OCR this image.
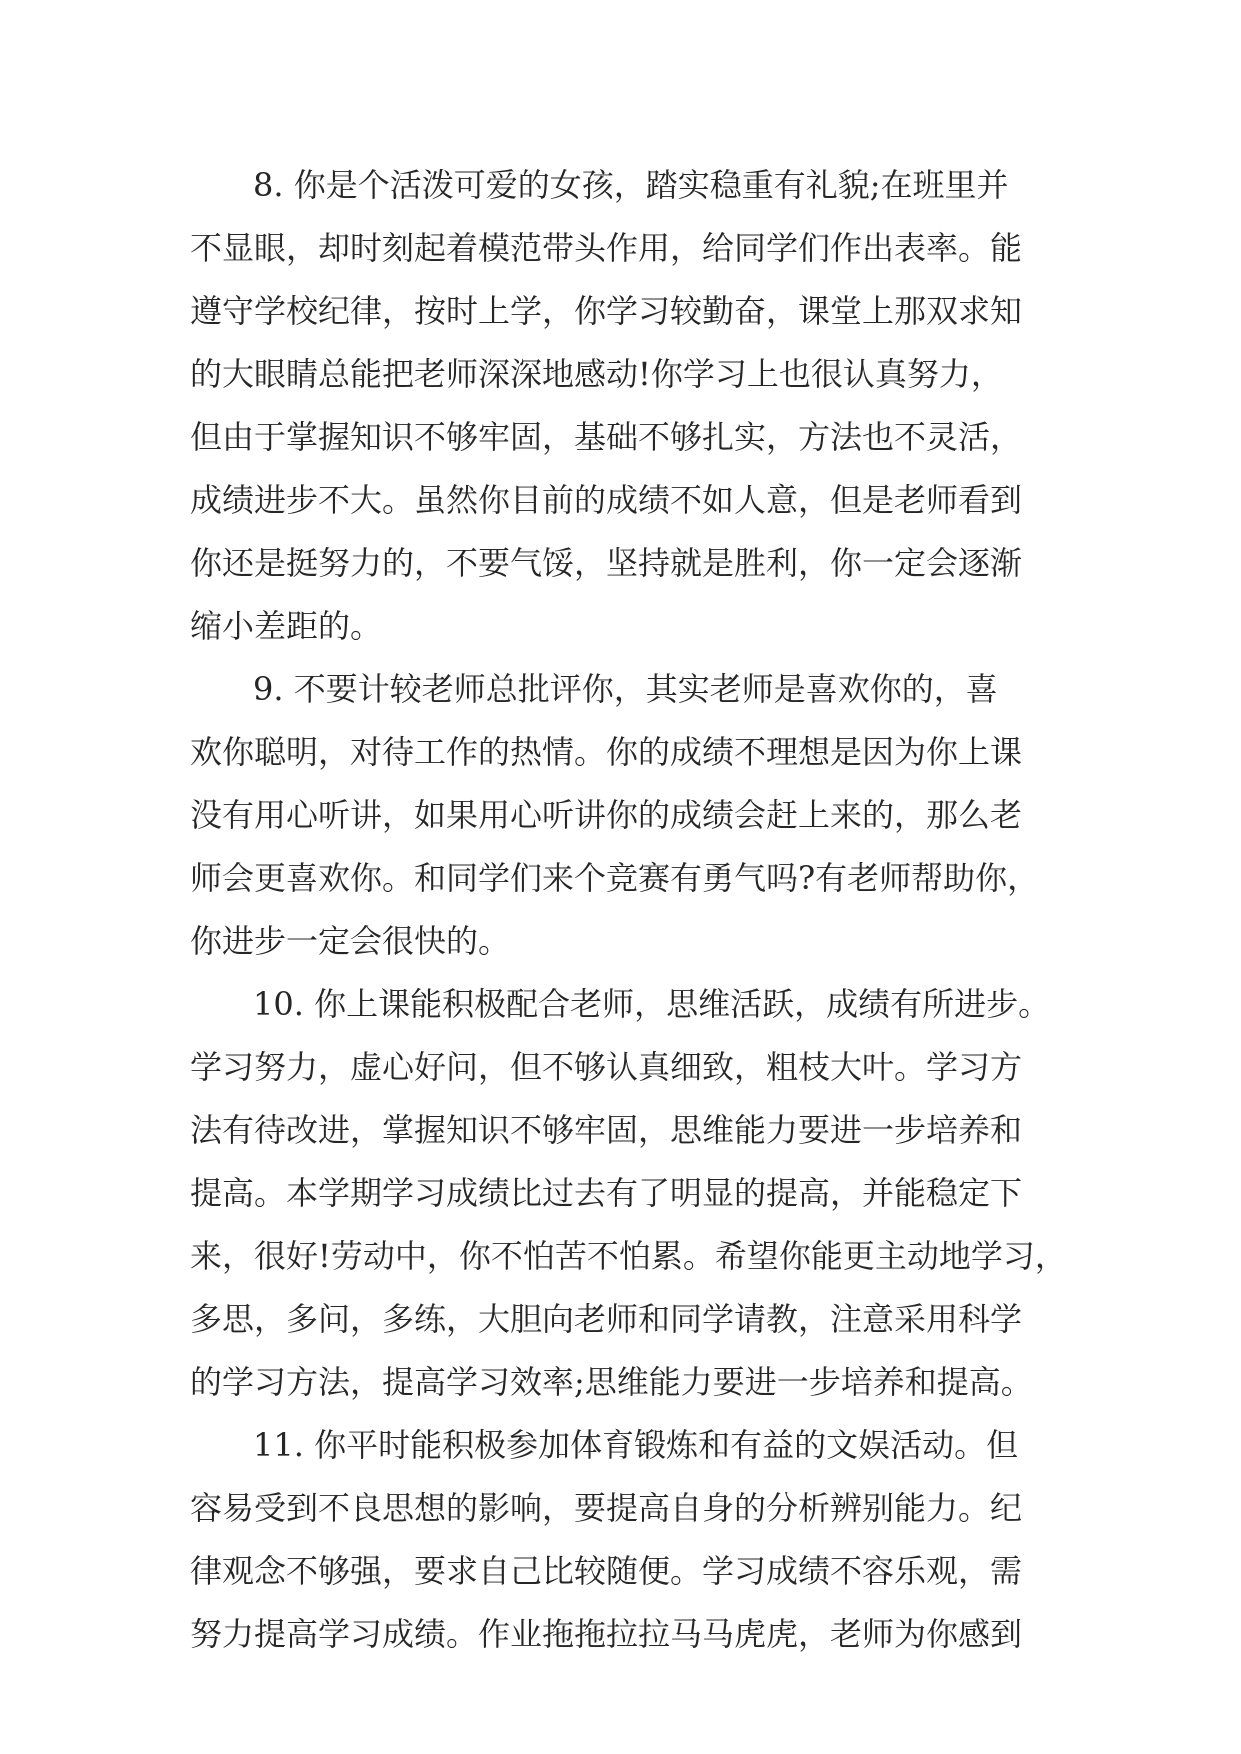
8. 你是个活泼可爱的女孩，踏实稳重有礼貌;在班里并
不显眼，却时刻起着模范带头作用，给同学们作出表率。能
遵守学校纪律，按时上学，你学习较勤奋，课堂上那双求知
的大眼睛总能把老师深深地感动!你学习上也很认真努力，
但由于掌握知识不够牢固，基础不够扎实，方法也不灵活，
成绩进步不大。虽然你目前的成绩不如人意，但是老师看到
你还是挺努力的，不要气馁，坚持就是胜利，你一定会逐渐
缩小差距的。
9. 不要计较老师总批评你，其实老师是喜欢你的，喜
欢你聪明，对待工作的热情。你的成绩不理想是因为你上课
没有用心听讲，如果用心听讲你的成绩会赶上来的，那么老
师会更喜欢你。和同学们来个竞赛有勇气吗?有老师帮助你，
你进步一定会很快的。
10. 你上课能积极配合老师，思维活跃，成绩有所进步。
学习努力，虚心好问，但不够认真细致，粗枝大叶。学习方
法有待改进，掌握知识不够牢固，思维能力要进一步培养和
提高。本学期学习成绩比过去有了明显的提高，并能稳定下
来，很好!劳动中，你不怕苦不怕累。希望你能更主动地学习，
多思，多问，多练，大胆向老师和同学请教，注意采用科学
的学习方法，提高学习效率;思维能力要进一步培养和提高。
11. 你平时能积极参加体育锻炼和有益的文娱活动。但
容易受到不良思想的影响，要提高自身的分析辨别能力。纪
律观念不够强，要求自己比较随便。学习成绩不容乐观，需
努力提高学习成绩。作业拖拖拉拉马马虎虎，老师为你感到
